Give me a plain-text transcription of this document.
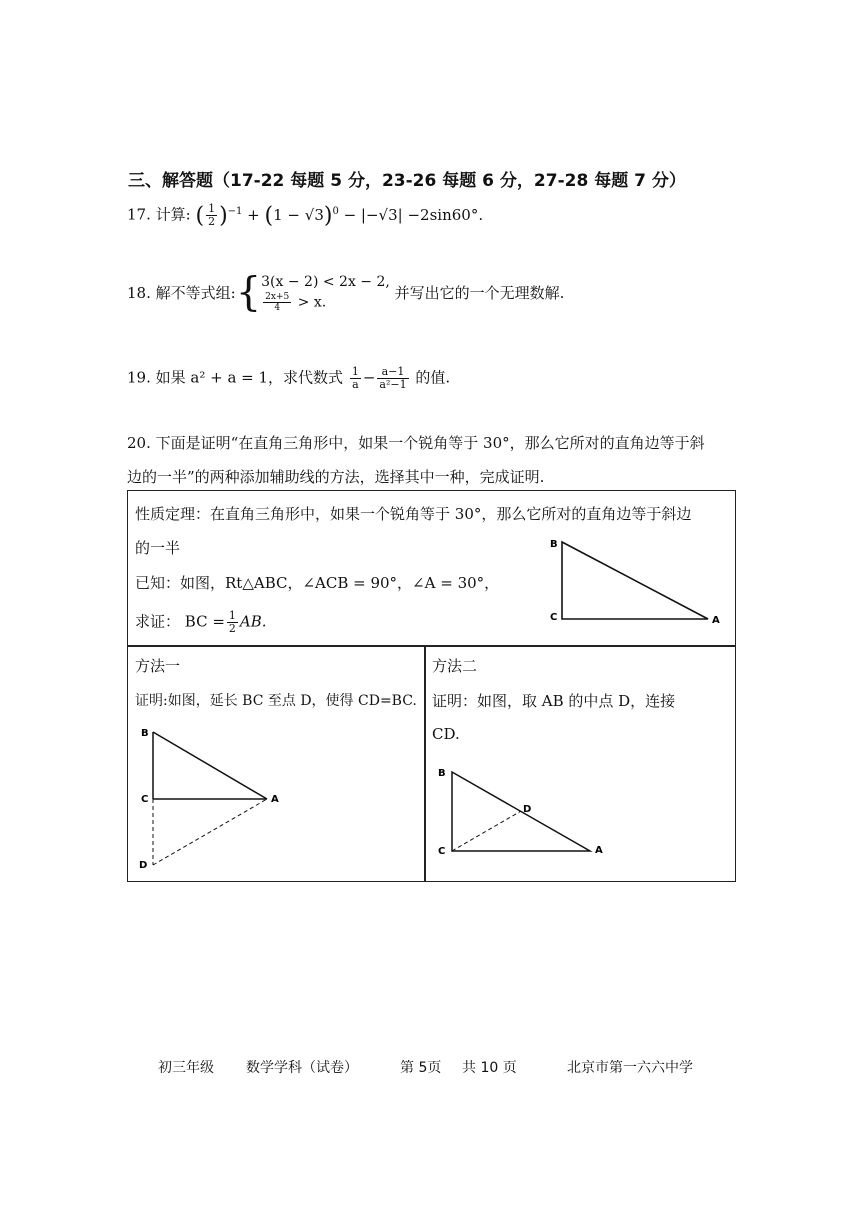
三、解答题（17-22 每题 5 分，23-26 每题 6 分，27-28 每题 7 分）
17. 计算: ( $\frac{1}{2} )^{-1} + (1 - √3)^0 - |-√3| -2\sin 60^\circ$.
18. 解不等式组:{ 3(x − 2) < 2x − 2,
$\frac{2x+5}{4} > x$.
并写出它的一个无理数解.
19. 如果 a² + a = 1，求代数式 $\frac{1}{a} - \frac{a-1}{\text{a²−1}}$ 的值.
20. 下面是证明“在直角三角形中，如果一个锐角等于 30°，那么它所对的直角边等于斜
边的一半”的两种添加辅助线的方法，选择其中一种，完成证明.
性质定理：在直角三角形中，如果一个锐角等于 30°，那么它所对的直角边等于斜边
的一半
已知：如图，Rt△ABC，∠ACB = 90°，∠A = 30°，
求证： BC = $\frac{1}{2}$ AB.
B
C	A
方法一
证明:如图，延长 BC 至点 D，使得 CD=BC.
B
C	A
D
方法二
证明：如图，取 AB 的中点 D，连接
CD.
B
C	A
D
初三年级 数学学科（试卷）	第 5页 共 10 页	北京市第一六六中学
